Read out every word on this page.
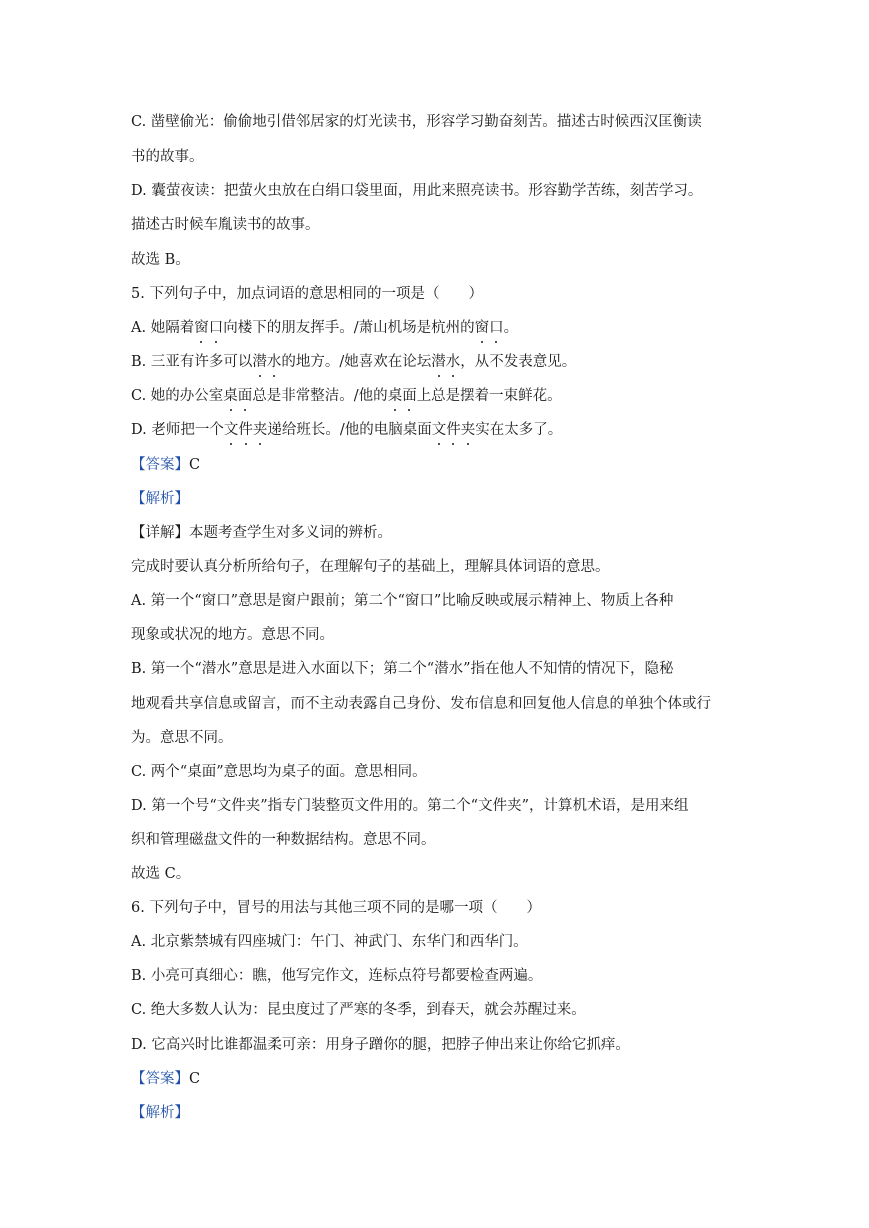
C. 凿壁偷光：偷偷地引借邻居家的灯光读书，形容学习勤奋刻苦。描述古时候西汉匡衡读
书的故事。
D. 囊萤夜读：把萤火虫放在白绢口袋里面，用此来照亮读书。形容勤学苦练，刻苦学习。
描述古时候车胤读书的故事。
故选 B。
5. 下列句子中，加点词语的意思相同的一项是（　　）
A. 她隔着窗口向楼下的朋友挥手。/萧山机场是杭州的窗口。
B. 三亚有许多可以潜水的地方。/她喜欢在论坛潜水，从不发表意见。
C. 她的办公室桌面总是非常整洁。/他的桌面上总是摆着一束鲜花。
D. 老师把一个文件夹递给班长。/他的电脑桌面文件夹实在太多了。
【答案】C
【解析】
【详解】本题考查学生对多义词的辨析。
完成时要认真分析所给句子，在理解句子的基础上，理解具体词语的意思。
A. 第一个“窗口”意思是窗户跟前；第二个“窗口”比喻反映或展示精神上、物质上各种
现象或状况的地方。意思不同。
B. 第一个“潜水”意思是进入水面以下；第二个“潜水”指在他人不知情的情况下，隐秘
地观看共享信息或留言，而不主动表露自己身份、发布信息和回复他人信息的单独个体或行
为。意思不同。
C. 两个“桌面”意思均为桌子的面。意思相同。
D. 第一个号“文件夹”指专门装整页文件用的。第二个“文件夹”，计算机术语，是用来组
织和管理磁盘文件的一种数据结构。意思不同。
故选 C。
6. 下列句子中，冒号的用法与其他三项不同的是哪一项（　　）
A. 北京紫禁城有四座城门：午门、神武门、东华门和西华门。
B. 小亮可真细心：瞧，他写完作文，连标点符号都要检查两遍。
C. 绝大多数人认为：昆虫度过了严寒的冬季，到春天，就会苏醒过来。
D. 它高兴时比谁都温柔可亲：用身子蹭你的腿，把脖子伸出来让你给它抓痒。
【答案】C
【解析】
